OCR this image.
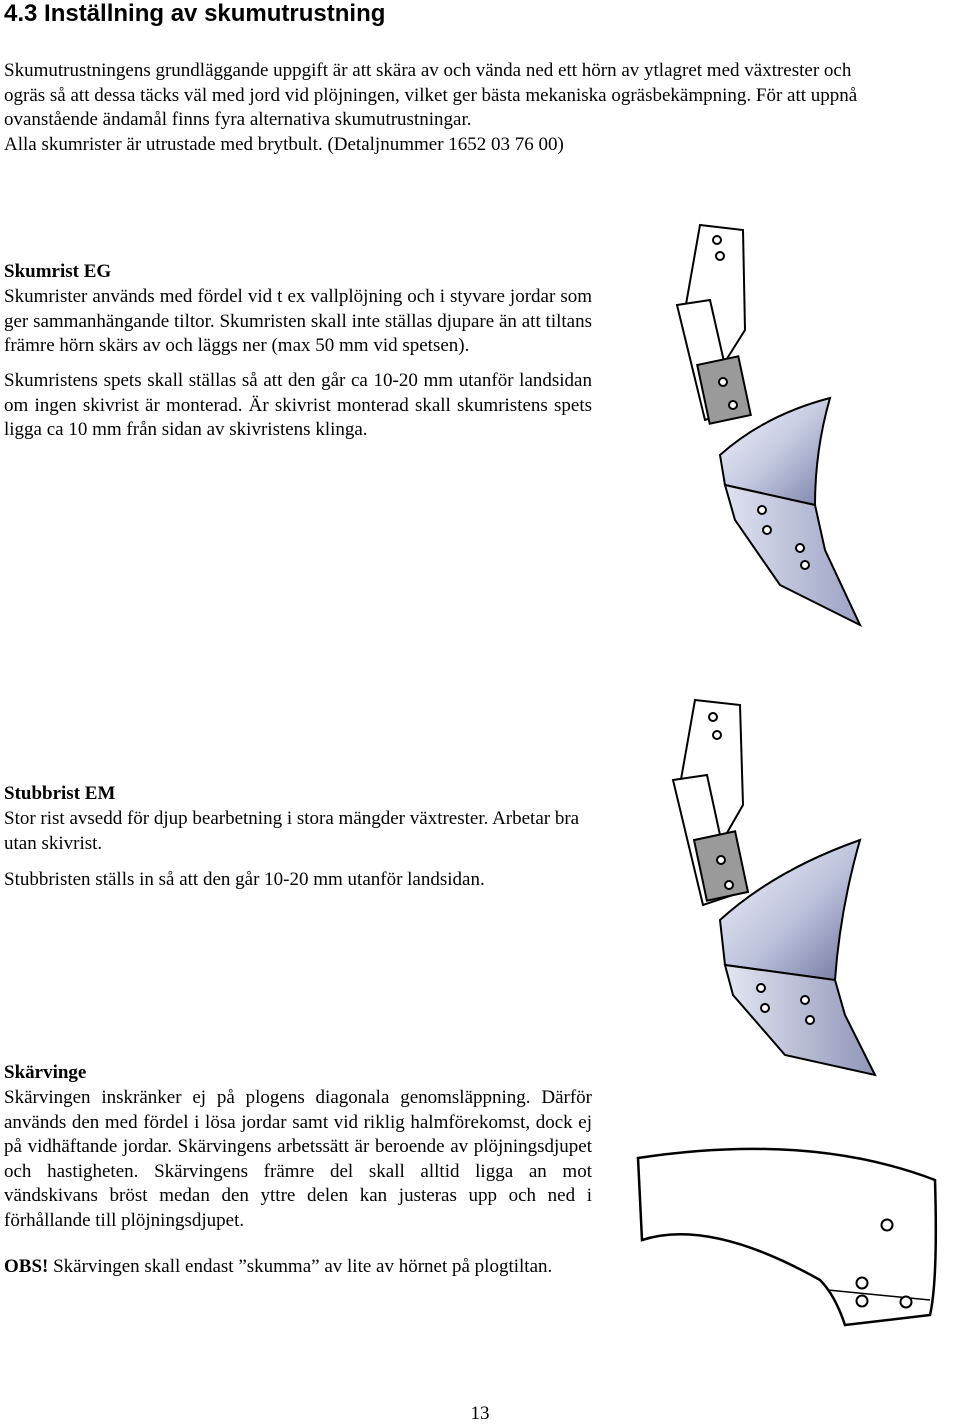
4.3 Inställning av skumutrustning
Skumutrustningens grundläggande uppgift är att skära av och vända ned ett hörn av ytlagret med växtrester och
ogräs så att dessa täcks väl med jord vid plöjningen, vilket ger bästa mekaniska ogräsbekämpning. För att uppnå
ovanstående ändamål finns fyra alternativa skumutrustningar.
Alla skumrister är utrustade med brytbult. (Detaljnummer 1652 03 76 00)
Skumrist EG
Skumrister används med fördel vid t ex vallplöjning och i styvare jordar som ger sammanhängande tiltor. Skumristen skall inte ställas djupare än att tiltans främre hörn skärs av och läggs ner (max 50 mm vid spetsen).
Skumristens spets skall ställas så att den går ca 10-20 mm utanför landsidan om ingen skivrist är monterad. Är skivrist monterad skall skumristens spets ligga ca 10 mm från sidan av skivristens klinga.
Stubbrist EM
Stor rist avsedd för djup bearbetning i stora mängder växtrester. Arbetar bra utan skivrist.
Stubbristen ställs in så att den går 10-20 mm utanför landsidan.
Skärvinge
Skärvingen inskränker ej på plogens diagonala genomsläppning. Därför används den med fördel i lösa jordar samt vid riklig halmförekomst, dock ej på vidhäftande jordar. Skärvingens arbetssätt är beroende av plöjningsdjupet och hastigheten. Skärvingens främre del skall alltid ligga an mot vändskivans bröst medan den yttre delen kan justeras upp och ned i förhållande till plöjningsdjupet.
OBS! Skärvingen skall endast ”skumma” av lite av hörnet på plogtiltan.
13
